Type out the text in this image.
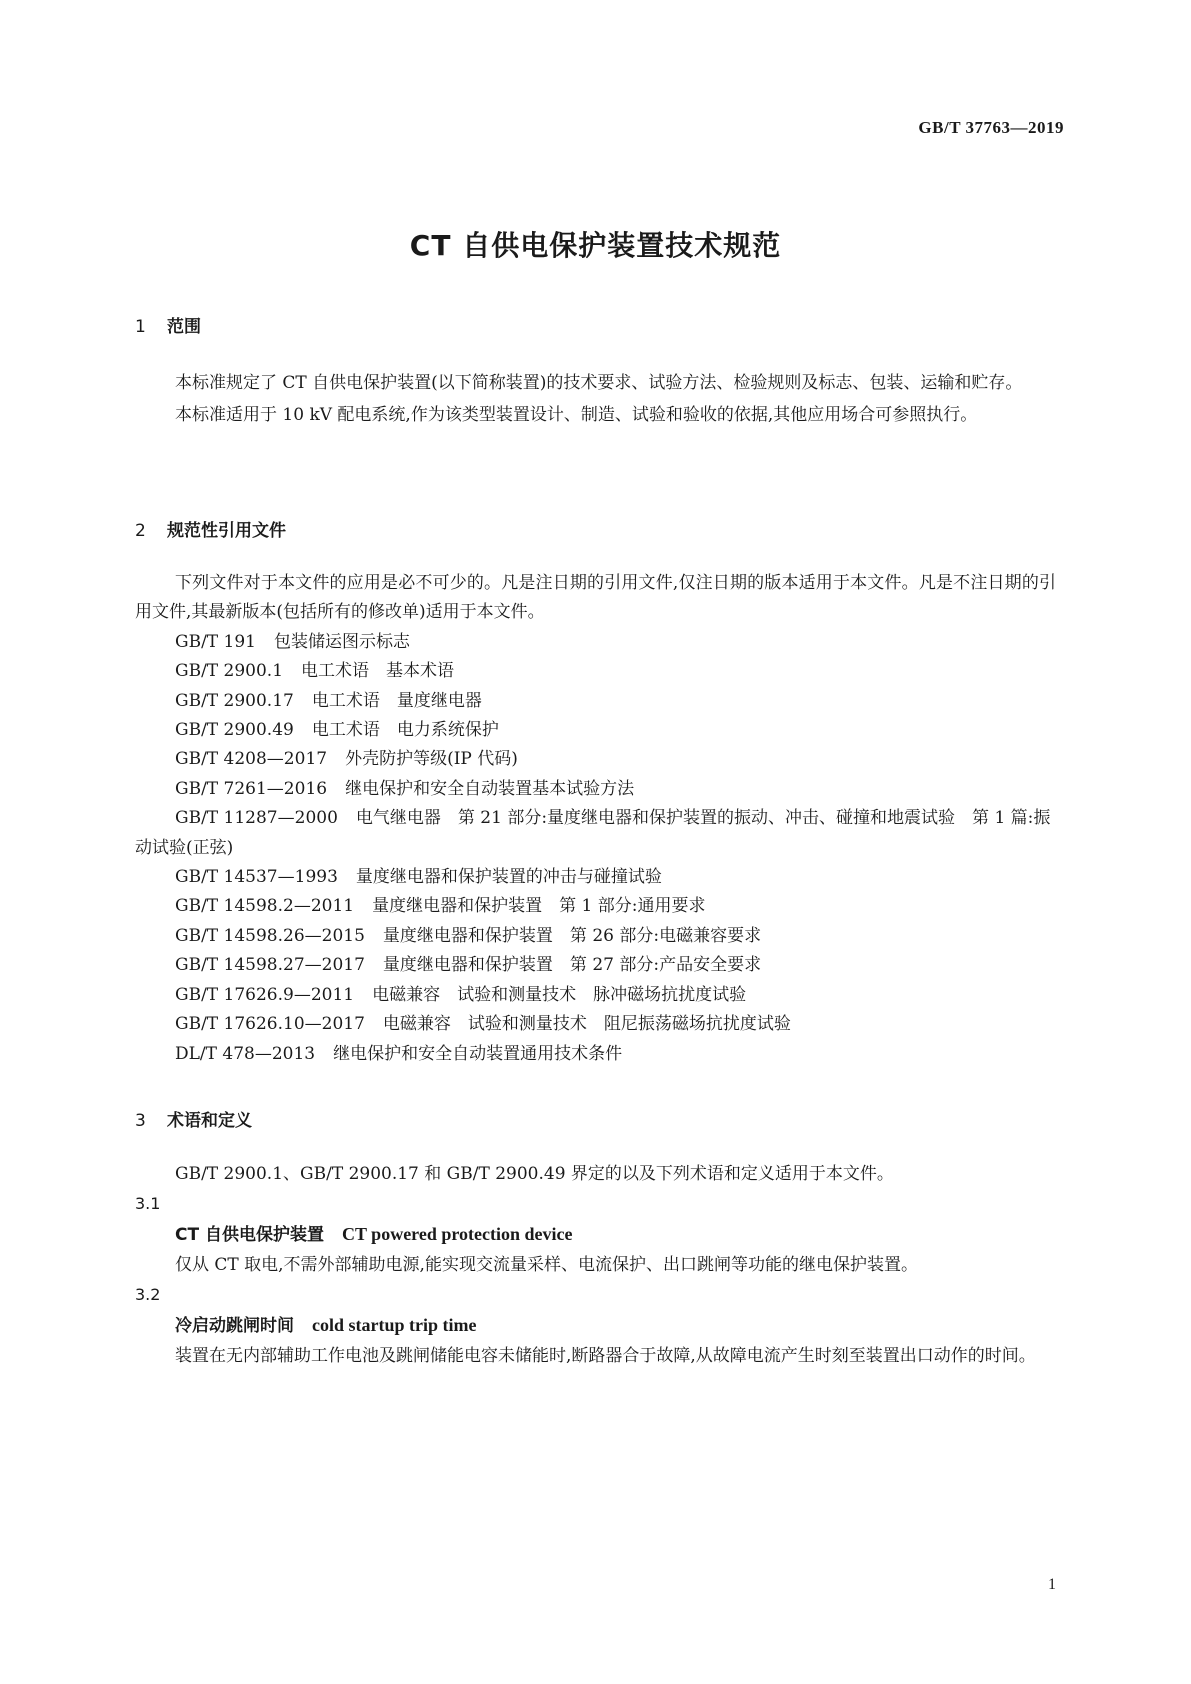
GB/T 37763—2019
CT 自供电保护装置技术规范
1 范围

本标准规定了 CT 自供电保护装置(以下简称装置)的技术要求、试验方法、检验规则及标志、包装、运输和贮存。

本标准适用于 10 kV 配电系统,作为该类型装置设计、制造、试验和验收的依据,其他应用场合可参照执行。

2 规范性引用文件

下列文件对于本文件的应用是必不可少的。凡是注日期的引用文件,仅注日期的版本适用于本文件。凡是不注日期的引用文件,其最新版本(包括所有的修改单)适用于本文件。

GB/T 191 包装储运图示标志
GB/T 2900.1 电工术语　基本术语
GB/T 2900.17 电工术语　量度继电器
GB/T 2900.49 电工术语　电力系统保护
GB/T 4208—2017 外壳防护等级(IP 代码)
GB/T 7261—2016 继电保护和安全自动装置基本试验方法
GB/T 11287—2000 电气继电器　第 21 部分:量度继电器和保护装置的振动、冲击、碰撞和地震试验　第 1 篇:振动试验(正弦)
GB/T 14537—1993 量度继电器和保护装置的冲击与碰撞试验
GB/T 14598.2—2011 量度继电器和保护装置　第 1 部分:通用要求
GB/T 14598.26—2015 量度继电器和保护装置　第 26 部分:电磁兼容要求
GB/T 14598.27—2017 量度继电器和保护装置　第 27 部分:产品安全要求
GB/T 17626.9—2011 电磁兼容　试验和测量技术　脉冲磁场抗扰度试验
GB/T 17626.10—2017 电磁兼容　试验和测量技术　阻尼振荡磁场抗扰度试验
DL/T 478—2013 继电保护和安全自动装置通用技术条件
3 术语和定义

GB/T 2900.1、GB/T 2900.17 和 GB/T 2900.49 界定的以及下列术语和定义适用于本文件。

3.1
CT 自供电保护装置 CT powered protection device

仅从 CT 取电,不需外部辅助电源,能实现交流量采样、电流保护、出口跳闸等功能的继电保护装置。

3.2
冷启动跳闸时间 cold startup trip time

装置在无内部辅助工作电池及跳闸储能电容未储能时,断路器合于故障,从故障电流产生时刻至装置出口动作的时间。

1
